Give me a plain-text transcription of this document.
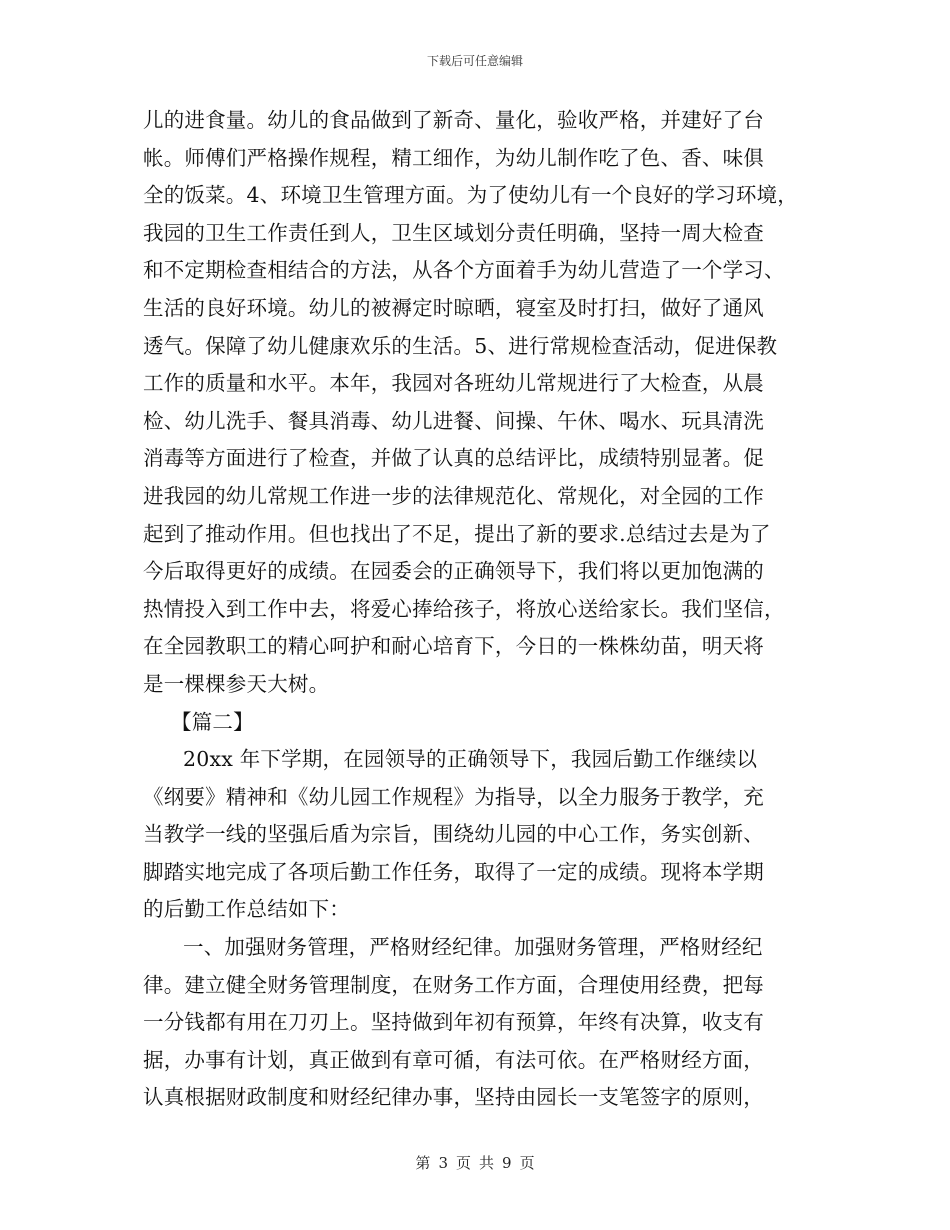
下载后可任意编辑
儿的进食量。幼儿的食品做到了新奇、量化，验收严格，并建好了台
帐。师傅们严格操作规程，精工细作，为幼儿制作吃了色、香、味俱
全的饭菜。4、环境卫生管理方面。为了使幼儿有一个良好的学习环境，
我园的卫生工作责任到人，卫生区域划分责任明确，坚持一周大检查
和不定期检查相结合的方法，从各个方面着手为幼儿营造了一个学习、
生活的良好环境。幼儿的被褥定时晾晒，寝室及时打扫，做好了通风
透气。保障了幼儿健康欢乐的生活。5、进行常规检查活动，促进保教
工作的质量和水平。本年，我园对各班幼儿常规进行了大检查，从晨
检、幼儿洗手、餐具消毒、幼儿进餐、间操、午休、喝水、玩具清洗
消毒等方面进行了检查，并做了认真的总结评比，成绩特别显著。促
进我园的幼儿常规工作进一步的法律规范化、常规化，对全园的工作
起到了推动作用。但也找出了不足，提出了新的要求.总结过去是为了
今后取得更好的成绩。在园委会的正确领导下，我们将以更加饱满的
热情投入到工作中去，将爱心捧给孩子，将放心送给家长。我们坚信，
在全园教职工的精心呵护和耐心培育下，今日的一株株幼苗，明天将
是一棵棵参天大树。
【篇二】
20xx 年下学期，在园领导的正确领导下，我园后勤工作继续以
《纲要》精神和《幼儿园工作规程》为指导，以全力服务于教学，充
当教学一线的坚强后盾为宗旨，围绕幼儿园的中心工作，务实创新、
脚踏实地完成了各项后勤工作任务，取得了一定的成绩。现将本学期
的后勤工作总结如下：
一、加强财务管理，严格财经纪律。加强财务管理，严格财经纪
律。建立健全财务管理制度，在财务工作方面，合理使用经费，把每
一分钱都有用在刀刃上。坚持做到年初有预算，年终有决算，收支有
据，办事有计划，真正做到有章可循，有法可依。在严格财经方面，
认真根据财政制度和财经纪律办事，坚持由园长一支笔签字的原则，
第 3 页 共 9 页
